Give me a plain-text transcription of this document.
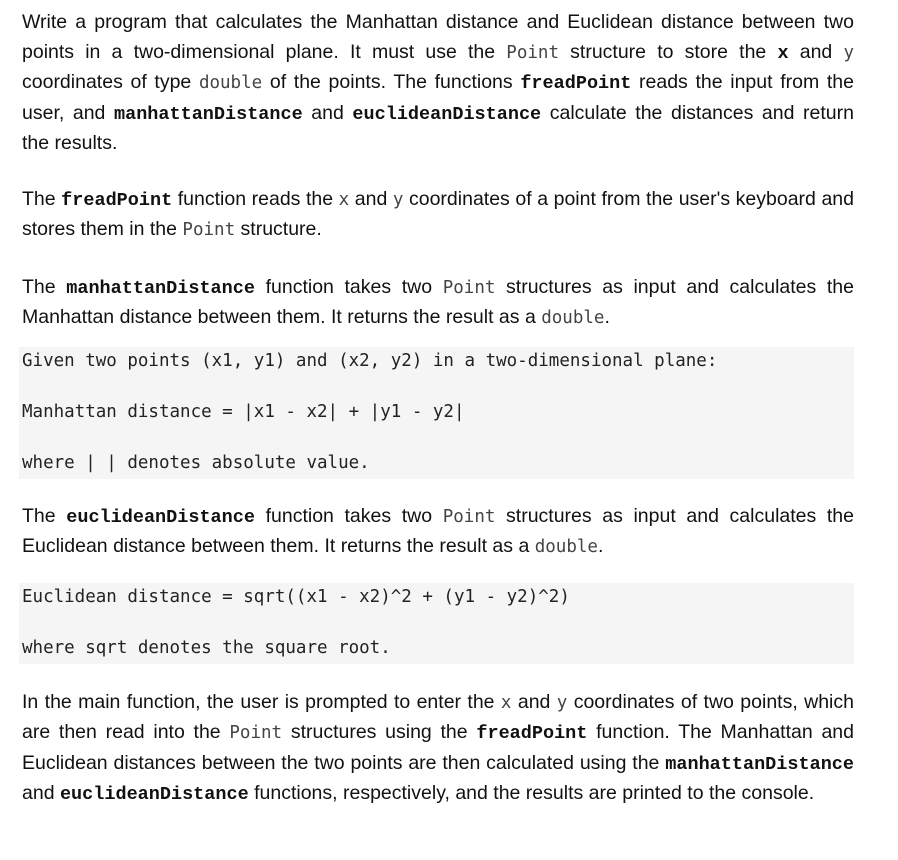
Write a program that calculates the Manhattan distance and Euclidean distance between two points in a two-dimensional plane. It must use the Point structure to store the x and y coordinates of type double of the points. The functions freadPoint reads the input from the user, and manhattanDistance and euclideanDistance calculate the distances and return the results.

The freadPoint function reads the x and y coordinates of a point from the user's keyboard and stores them in the Point structure.

The manhattanDistance function takes two Point structures as input and calculates the Manhattan distance between them. It returns the result as a double.

Given two points (x1, y1) and (x2, y2) in a two-dimensional plane:
Manhattan distance = |x1 - x2| + |y1 - y2|
where | | denotes absolute value.

The euclideanDistance function takes two Point structures as input and calculates the Euclidean distance between them. It returns the result as a double.

Euclidean distance = sqrt((x1 - x2)^2 + (y1 - y2)^2)
where sqrt denotes the square root.

In the main function, the user is prompted to enter the x and y coordinates of two points, which are then read into the Point structures using the freadPoint function. The Manhattan and Euclidean distances between the two points are then calculated using the manhattanDistance and euclideanDistance functions, respectively, and the results are printed to the console.
